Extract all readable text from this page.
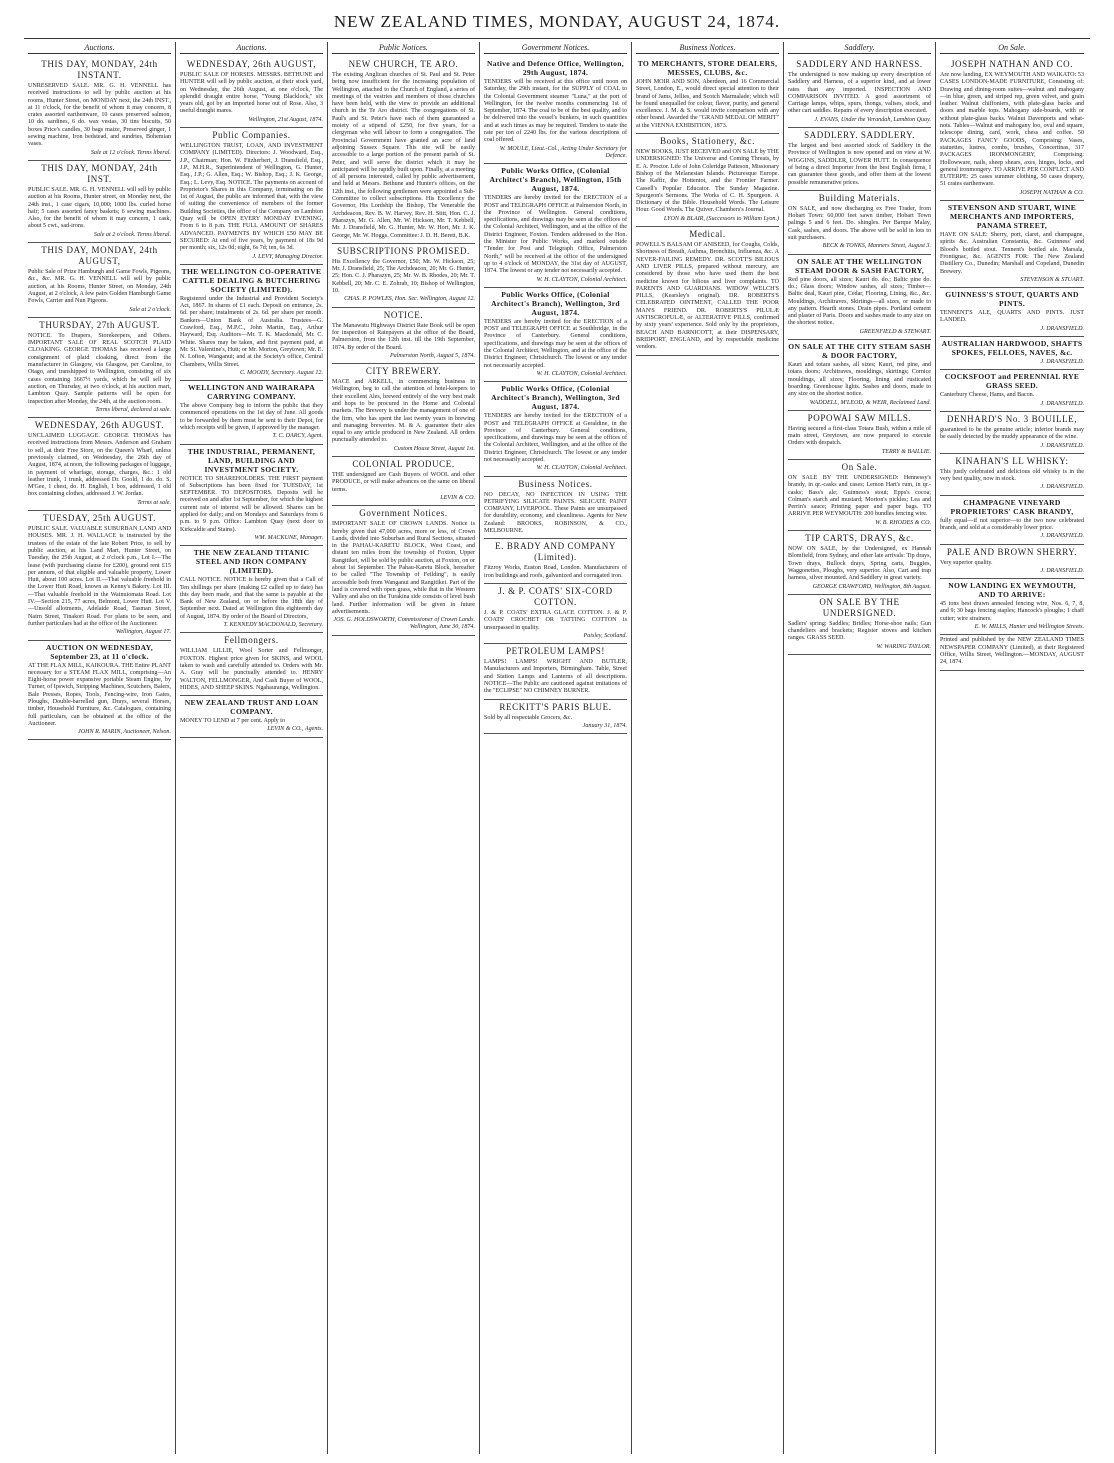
NEW ZEALAND TIMES, MONDAY, AUGUST 24, 1874.
Auctions.
THIS DAY, MONDAY, 24th INSTANT.
UNRESERVED SALE. MR. G. H. VENNELL has received instructions to sell by public auction at his rooms, Hunter Street, on MONDAY next, the 24th INST., at 11 o'clock, for the benefit of whom it may concern, 8 crates assorted earthenware, 10 cases preserved salmon, 10 do. sardines, 6 do. wax vestas, 30 tins biscuits, 50 boxes Price's candles, 30 bags maize, Preserved ginger, 1 sewing machine, Iron bedstead, and sundries, Bohemian vases.
Sale at 12 o'clock. Terms liberal.
THIS DAY, MONDAY, 24th INST.
PUBLIC SALE. MR. G. H. VENNELL will sell by public auction at his Rooms, Hunter street, on Monday next, the 24th inst., 1 case cigars, 10,000; 1000 lbs. curled horse hair; 5 cases assorted fancy baskets; 6 sewing machines. Also, for the benefit of whom it may concern, 1 cask, about 5 cwt., sad-irons.
Sale at 2 o'clock. Terms liberal.
THIS DAY, MONDAY, 24th AUGUST,
Public Sale of Prize Hamburgh and Game Fowls, Pigeons, &c., &c. MR. G. H. VENNELL will sell by public auction, at his Rooms, Hunter Street, on Monday, 24th August, at 2 o'clock, A few pairs Golden Hamburgh Game Fowls, Carrier and Nun Pigeons.
Sale at 2 o'clock.
THURSDAY, 27th AUGUST.
NOTICE. To Drapers, Storekeepers, and Others. IMPORTANT SALE OF REAL SCOTCH PLAID CLOAKING. GEORGE THOMAS has received a large consignment of plaid cloaking, direct from the manufacturer in Glasgow, via Glasgow, per Caroline, to Otago, and transhipped to Wellington, consisting of six cases containing 3667½ yards, which he will sell by auction, on Thursday, at two o'clock, at his auction mart, Lambton Quay. Sample patterns will be open for inspection after Monday, the 24th, at the auction room.
Terms liberal, declared at sale.
WEDNESDAY, 26th AUGUST.
UNCLAIMED LUGGAGE. GEORGE THOMAS has received instructions from Messrs. Anderson and Graham to sell, at their Free Store, on the Queen's Wharf, unless previously claimed, on Wednesday, the 26th day of August, 1874, at noon, the following packages of luggage, in payment of wharfage, storage, charges, &c.: 1 old leather trunk, 1 trunk, addressed Dr. Goold, 1 do. do. S. M'Gee, 1 chest, do. H. English, 1 box, addressed, 1 old box containing clothes, addressed J. W. Jordan.
Terms at sale.
TUESDAY, 25th AUGUST.
PUBLIC SALE. VALUABLE SUBURBAN LAND AND HOUSES. MR. J. H. WALLACE is instructed by the trustees of the estate of the late Robert Price, to sell by public auction, at his Land Mart, Hunter Street, on Tuesday, the 25th August, at 2 o'clock p.m., Lot I.—The lease (with purchasing clause for £200), ground rent £15 per annum, of that eligible and valuable property, Lower Hutt, about 100 acres. Lot II.—That valuable freehold in the Lower Hutt Road, known as Kenny's Bakery. Lot III.—That valuable freehold in the Wainuiomata Road. Lot IV.—Section 215, 77 acres, Belmont, Lower Hutt. Lot V.—Unsold allotments, Adelaide Road, Tasman Street, Nairn Street, Tinakori Road. For plans to be seen, and further particulars had at the office of the Auctioneer.
Wellington, August 17.
AUCTION ON WEDNESDAY, September 23, at 11 o'clock.
AT THE FLAX MILL, KAIKOURA. THE Entire PLANT necessary for a STEAM FLAX MILL, comprising—An Eight-horse power expansive portable Steam Engine, by Turner, of Ipswich, Stripping Machines, Scutchers, Balers, Bale Presses, Ropes, Tools, Fencing-wire, Iron Gates, Ploughs, Double-barrelled gun, Drays, several Horses, timber, Household Furniture, &c. Catalogues, containing full particulars, can be obtained at the office of the Auctioneer.
JOHN R. MARIN, Auctioneer, Nelson.
Auctions.
WEDNESDAY, 26th AUGUST,
PUBLIC SALE OF HORSES. MESSRS. BETHUNE and HUNTER will sell by public auction, at their stock yard, on Wednesday, the 26th August, at one o'clock, The splendid draught entire horse, "Young Blacklock," six years old, got by an imported horse out of Rose. Also, 3 useful draught mares.
Wellington, 21st August, 1874.
Public Companies.
WELLINGTON TRUST, LOAN, AND INVESTMENT COMPANY (LIMITED). Directors: J. Woodward, Esq., J.P., Chairman; Hon. W. Fitzherbert, J. Dransfield, Esq., J.P., M.H.R., Superintendent of Wellington, G. Hunter, Esq., J.P.; G. Allen, Esq.; W. Bishop, Esq.; J. K. George, Esq.; L. Levy, Esq. NOTICE. The payments on account of Proprietor's Shares in this Company, terminating on the 1st of August, the public are informed that, with the view of suiting the convenience of members of the former Building Societies, the office of the Company on Lambton Quay will be OPEN EVERY MONDAY EVENING, From 6 to 8 p.m. THE FULL AMOUNT OF SHARES ADVANCED. PAYMENTS BY WHICH £50 MAY BE SECURED: At end of five years, by payment of 18s 9d per month; six, 12s 0d; eight, 6s 7d; ten, 6s 3d.
J. LEVY, Managing Director.
THE WELLINGTON CO-OPERATIVE CATTLE DEALING & BUTCHERING SOCIETY (LIMITED).
Registered under the Industrial and Provident Society's Act, 1867. In shares of £1 each. Deposit on entrance, 2s. 6d. per share; instalments of 2s. 6d. per share per month. Bankers—Union Bank of Australia. Trustees—G. Crawford, Esq., M.P.C., John Martin, Esq., Arthur Hayward, Esq. Auditors—Mr. T. K. Macdonald, Mr. C. White. Shares may be taken, and first payment paid, at Mr. St. Valentine's, Hutt; or Mr. Morton, Greytown; Mr. E. N. Lofton, Wanganui; and at the Society's office, Central Chambers, Willis Street.
C. MOODY, Secretary. August 12.
WELLINGTON AND WAIRARAPA CARRYING COMPANY.
The above Company beg to inform the public that they commenced operations on the 1st day of June. All goods to be forwarded by them must be sent to their Depot, for which receipts will be given, if approved by the manager.
T. C. DARCY, Agent.
THE INDUSTRIAL, PERMANENT, LAND, BUILDING AND INVESTMENT SOCIETY.
NOTICE TO SHAREHOLDERS. THE FIRST payment of Subscriptions has been fixed for TUESDAY, 1st SEPTEMBER. TO DEPOSITORS. Deposits will be received on and after 1st September, for which the highest current rate of interest will be allowed. Shares can be applied for daily; and on Mondays and Saturdays from 6 p.m. to 9 p.m. Office: Lambton Quay (next door to Kirkcaldie and Stains).
WM. MACKUNE, Manager.
THE NEW ZEALAND TITANIC STEEL AND IRON COMPANY (LIMITED).
CALL NOTICE. NOTICE is hereby given that a Call of Ten shillings per share (making £2 called up to date) has this day been made, and that the same is payable at the Bank of New Zealand, on or before the 18th day of September next. Dated at Wellington this eighteenth day of August, 1874. By order of the Board of Directors,
T. KENNEDY MACDONALD, Secretary.
Fellmongers.
WILLIAM LILLIE, Wool Sorter and Fellmonger, FOXTON. Highest price given for SKINS, and WOOL taken to wash and carefully attended to. Orders with Mr. A. Gray will be punctually attended to. HENRY WALTON, FELLMONGER, And Cash Buyer of WOOL, HIDES, AND SHEEP SKINS. Ngahauranga, Wellington.
NEW ZEALAND TRUST AND LOAN COMPANY.
MONEY TO LEND at 7 per cent. Apply to
LEVIN & CO., Agents.
Public Notices.
NEW CHURCH, TE ARO.
The existing Anglican churches of St. Paul and St. Peter being now insufficient for the increasing population of Wellington, attached to the Church of England, a series of meetings of the vestries and members of those churches have been held, with the view to provide an additional church in the Te Aro district. The congregations of St. Paul's and St. Peter's have each of them guaranteed a moiety of a stipend of £250, for five years, for a clergyman who will labour to form a congregation. The Provincial Government have granted an acre of land adjoining Sussex Square. This site will be easily accessible to a large portion of the present parish of St. Peter, and will serve the district which it may be anticipated will be rapidly built upon. Finally, at a meeting of all persons interested, called by public advertisement, and held at Messrs. Bethune and Hunter's offices, on the 12th inst., the following gentlemen were appointed a Sub-Committee to collect subscriptions. His Excellency the Governor, His Lordship the Bishop, The Venerable the Archdeacon, Rev. B. W. Harvey, Rev. H. Stitt, Hon. C. J. Pharazyn, Mr. G. Allen, Mr. W. Hickson, Mr. T. Kebbell, Mr. J. Dransfield, Mr. G. Hunter, Mr. W. Hort, Mr. J. K. George, Mr. W. Hoggs. Committee: J. D. H. Berett, B.K.
SUBSCRIPTIONS PROMISED.
His Excellency the Governor, £50; Mr. W. Hickson, 25; Mr. J. Dransfield, 25; The Archdeacon, 20; Mr. G. Hunter, 25; Hon. C. J. Pharazyn, 25; Mr. W. B. Rhodes, 20; Mr. T. Kebbell, 20; Mr. C. E. Zohrab, 10; Bishop of Wellington, 10.
CHAS. P. POWLES, Hon. Sec. Wellington, August 12.
NOTICE.
The Manawatu Highways District Rate Book will be open for inspection of Ratepayers at the office of the Board, Palmerston, from the 12th inst. till the 19th September, 1874. By order of the Board.
Palmerston North, August 5, 1874.
CITY BREWERY.
MACE and ARKELL, in commencing business in Wellington, beg to call the attention of hotel-keepers to their excellent Ales, brewed entirely of the very best malt and hops to be procured in the Home and Colonial markets. The Brewery is under the management of one of the firm, who has spent the last twenty years in brewing and managing breweries. M. & A. guarantee their ales equal to any article produced in New Zealand. All orders punctually attended to.
Custom House Street, August 1st.
COLONIAL PRODUCE.
THE undersigned are Cash Buyers of WOOL and other PRODUCE, or will make advances on the same on liberal terms.
LEVIN & CO.
Government Notices.
IMPORTANT SALE OF CROWN LANDS. Notice is hereby given that 47,000 acres, more or less, of Crown Lands, divided into Suburban and Rural Sections, situated in the PAHAU-KARETU BLOCK, West Coast, and distant ten miles from the township of Foxton, Upper Rangitikei, will be sold by public auction, at Foxton, on or about 1st September. The Pahau-Karetu Block, hereafter to be called "The Township of Feilding", is easily accessible both from Wanganui and Rangitikei. Part of the land is covered with open grass, while that in the Western Valley and also on the Turakina side consists of level bush land. Further information will be given in future advertisements.
JOS. G. HOLDSWORTH, Commissioner of Crown Lands. Wellington, June 30, 1874.
Government Notices.
Native and Defence Office, Wellington, 29th August, 1874.
TENDERS will be received at this office until noon on Saturday, the 29th instant, for the SUPPLY of COAL to the Colonial Government steamer "Luna," at the port of Wellington, for the twelve months commencing 1st of September, 1874. The coal to be of the best quality, and to be delivered into the vessel's bunkers, in such quantities and at such times as may be required. Tenders to state the rate per ton of 2240 lbs. for the various descriptions of coal offered.
W. MOULE, Lieut.-Col., Acting Under Secretary for Defence.
Public Works Office, (Colonial Architect's Branch), Wellington, 15th August, 1874.
TENDERS are hereby invited for the ERECTION of a POST and TELEGRAPH OFFICE at Palmerston North, in the Province of Wellington. General conditions, specifications, and drawings may be seen at the offices of the Colonial Architect, Wellington, and at the office of the District Engineer, Foxton. Tenders addressed to the Hon. the Minister for Public Works, and marked outside "Tender for Post and Telegraph Office, Palmerston North," will be received at the office of the undersigned up to 4 o'clock of MONDAY, the 31st day of AUGUST, 1874. The lowest or any tender not necessarily accepted.
W. H. CLAYTON, Colonial Architect.
Public Works Office, (Colonial Architect's Branch), Wellington, 3rd August, 1874.
TENDERS are hereby invited for the ERECTION of a POST and TELEGRAPH OFFICE at Southbridge, in the Province of Canterbury. General conditions, specifications, and drawings may be seen at the offices of the Colonial Architect, Wellington, and at the office of the District Engineer, Christchurch. The lowest or any tender not necessarily accepted.
W. H. CLAYTON, Colonial Architect.
Public Works Office, (Colonial Architect's Branch), Wellington, 3rd August, 1874.
TENDERS are hereby invited for the ERECTION of a POST and TELEGRAPH OFFICE at Geraldine, in the Province of Canterbury. General conditions, specifications, and drawings may be seen at the offices of the Colonial Architect, Wellington, and at the office of the District Engineer, Christchurch. The lowest or any tender not necessarily accepted.
W. H. CLAYTON, Colonial Architect.
Business Notices.
NO DECAY, NO INFECTION IN USING THE PETRIFYING SILICATE PAINTS. SILICATE PAINT COMPANY, LIVERPOOL. These Paints are unsurpassed for durability, economy, and cleanliness. Agents for New Zealand: BROOKS, ROBINSON, & CO., MELBOURNE.
E. BRADY AND COMPANY (Limited).
Fitzroy Works, Euston Road, London. Manufacturers of iron buildings and roofs, galvanized and corrugated iron.
J. & P. COATS' SIX-CORD COTTON.
J. & P. COATS' EXTRA GLACE COTTON. J. & P. COATS' CROCHET OR TATTING COTTON is unsurpassed in quality.
Paisley, Scotland.
PETROLEUM LAMPS!
LAMPS! LAMPS! WRIGHT AND BUTLER, Manufacturers and Importers, Birmingham. Table, Street and Station Lamps and Lanterns of all descriptions. NOTICE—The Public are cautioned against imitations of the "ECLIPSE" NO CHIMNEY BURNER.
RECKITT'S PARIS BLUE.
Sold by all respectable Grocers, &c.
January 31, 1874.
Business Notices.
TO MERCHANTS, STORE DEALERS, MESSES, CLUBS, &c.
JOHN MOIR AND SON, Aberdeen, and 16 Commercial Street, London, E., would direct special attention to their brand of Jams, Jellies, and Scotch Marmalade; which will be found unequalled for colour, flavor, purity, and general excellence. J. M. & S. would invite comparison with any other brand. Awarded the "GRAND MEDAL OF MERIT" at the VIENNA EXHIBITION, 1873.
Books, Stationery, &c.
NEW BOOKS, JUST RECEIVED and ON SALE by THE UNDERSIGNED: The Universe and Coming Threats, by E. A. Proctor. Life of John Coleridge Patteson, Missionary Bishop of the Melanesian Islands. Picturesque Europe. The Kaffir, the Hottentot, and the Frontier Farmer. Cassell's Popular Educator. The Sunday Magazine. Spurgeon's Sermons. The Works of C. H. Spurgeon. A Dictionary of the Bible. Household Words. The Leisure Hour. Good Words. The Quiver. Chambers's Journal.
LYON & BLAIR, (Successors to William Lyon.)
Medical.
POWELL'S BALSAM OF ANISEED, for Coughs, Colds, Shortness of Breath, Asthma, Bronchitis, Influenza, &c. A NEVER-FAILING REMEDY. DR. SCOTT'S BILIOUS AND LIVER PILLS, prepared without mercury, are considered by those who have used them the best medicine known for bilious and liver complaints. TO PARENTS AND GUARDIANS. WIDOW WELCH'S PILLS, (Kearsley's original). DR. ROBERTS'S CELEBRATED OINTMENT, CALLED THE POOR MAN'S FRIEND. DR. ROBERTS'S PILULÆ ANTISCROFULÆ, or ALTERATIVE PILLS, confirmed by sixty years' experience. Sold only by the proprietors, BEACH AND BARNICOTT, at their DISPENSARY, BRIDPORT, ENGLAND, and by respectable medicine vendors.
Saddlery.
SADDLERY AND HARNESS.
The undersigned is now making up every description of Saddlery and Harness, of a superior kind, and at lower rates than any imported. INSPECTION AND COMPARISON INVITED. A good assortment of Carriage lamps, whips, spurs, thongs, valises, stock, and other cart saddles. Repairs of every description executed.
J. EVANS, Under the Verandah, Lambton Quay.
SADDLERY. SADDLERY.
The largest and best assorted stock of Saddlery in the Province of Wellington is now opened and on view at W. WIGGINS, SADDLER, LOWER HUTT. In consequence of being a direct Importer from the best English firms, I can guarantee these goods, and offer them at the lowest possible remunerative prices.
Building Materials.
ON SALE, and now discharging ex Free Trader, from Hobart Town: 60,000 feet sawn timber, Hobart Town palings 5 and 6 feet. Do. shingles. Per Barque Malay, Cask, sashes, and doors. The above will be sold in lots to suit purchasers.
BECK & TONKS, Manners Street, August 3.
ON SALE AT THE WELLINGTON STEAM DOOR & SASH FACTORY,
Red pine doors, all sizes; Kauri do. do.; Baltic pine do. do.; Glass doors; Window sashes, all sizes; Timber—Baltic deal, Kauri pine, Cedar, Flooring, Lining, &c., &c. Mouldings, Architraves, Skirtings—all sizes, or made to any pattern. Hearth stones. Drain pipes. Portland cement and plaster of Paris. Doors and sashes made to any size on the shortest notice.
GREENFIELD & STEWART.
ON SALE AT THE CITY STEAM SASH & DOOR FACTORY,
Kauri and totara sashes, all sizes; Kauri, red pine, and totara doors; Architraves, mouldings, skirtings; Cornice mouldings, all sizes; Flooring, lining and rusticated boarding. Greenhouse lights. Sashes and doors, made to any size on the shortest notice.
WADDELL, M'LEOD, & WEIR, Reclaimed Land.
POPOWAI SAW MILLS.
Having secured a first-class Totara Bush, within a mile of main street, Greytown, are now prepared to execute Orders with despatch.
TERRY & BAILLIE.
On Sale.
ON SALE BY THE UNDERSIGNED: Hennessy's brandy, in qr.-casks and cases; Lemon Hart's rum, in qr.-casks; Bass's ale; Guinness's stout; Epps's cocoa; Colman's starch and mustard; Morton's pickles; Lea and Perrin's sauce; Printing paper and paper bags. TO ARRIVE PER WEYMOUTH: 200 bundles fencing wire.
W. B. RHODES & CO.
TIP CARTS, DRAYS, &c.
NOW ON SALE, by the Undersigned, ex Hannah Blomfield, from Sydney, and other late arrivals: Tip drays, Town drays, Bullock drays, Spring carts, Buggies, Waggonettes, Ploughs, very superior. Also, Cart and trap harness, silver mounted. And Saddlery in great variety.
GEORGE CRAWFORD, Wellington, 8th August.
ON SALE BY THE UNDERSIGNED.
Sadlers' spring; Saddles; Bridles; Horse-shoe nails; Gun chandeliers and brackets; Register stoves and kitchen ranges. GRASS SEED.
W. WARING TAYLOR.
On Sale.
JOSEPH NATHAN AND CO.
Are now landing, EX WEYMOUTH AND WAIKATO: 53 CASES LONDON-MADE FURNITURE, Consisting of: Drawing and dining-room suites—walnut and mahogany—in blue, green, and striped rep, green velvet, and grain leather. Walnut chiffoniers, with plate-glass backs and doors and marble tops. Mahogany side-boards, with or without plate-glass backs. Walnut Davenports and what-nots. Tables—Walnut and mahogany loo, oval and square, telescope dining, card, work, chess and coffee. 50 PACKAGES FANCY GOODS, Comprising: Vases, statuettes, lustres, combs, brushes, Concertinas, 317 PACKAGES IRONMONGERY, Comprising: Hollowware, nails, sheep shears, axes, hinges, locks, and general ironmongery. TO ARRIVE PER CONFLICT AND EUTERPE: 25 cases summer clothing, 50 cases drapery, 51 crates earthenware.
JOSEPH NATHAN & CO.
STEVENSON AND STUART, WINE MERCHANTS AND IMPORTERS, PANAMA STREET,
HAVE ON SALE: Sherry, port, claret, and champagne, spirits &c. Australian Constantia, &c. Guinness' and Blood's bottled stout. Tennent's bottled ale. Marsala, Frontignac, &c. AGENTS FOR: The New Zealand Distillery Co., Dunedin; Marshall and Copeland, Dunedin Brewery.
STEVENSON & STUART.
GUINNESS'S STOUT, QUARTS AND PINTS.
TENNENT'S ALE, QUARTS AND PINTS. JUST LANDED.
J. DRANSFIELD.
AUSTRALIAN HARDWOOD, SHAFTS SPOKES, FELLOES, NAVES, &c.
J. DRANSFIELD.
COCKSFOOT and PERENNIAL RYE GRASS SEED.
Canterbury Cheese, Hams, and Bacon.
J. DRANSFIELD.
DENHARD'S No. 3 BOUILLE,
guaranteed to be the genuine article; inferior brands may be easily detected by the muddy appearance of the wine.
J. DRANSFIELD.
KINAHAN'S LL WHISKY:
This justly celebrated and delicious old whisky is in the very best quality, now in stock.
J. DRANSFIELD.
CHAMPAGNE VINEYARD PROPRIETORS' CASK BRANDY,
fully equal—if not superior—to the two now celebrated brands, and sold at a considerably lower price.
J. DRANSFIELD.
PALE AND BROWN SHERRY.
Very superior quality.
J. DRANSFIELD.
NOW LANDING EX WEYMOUTH, AND TO ARRIVE:
45 tons best drawn annealed fencing wire, Nos. 6, 7, 8, and 9; 30 bags fencing staples; Hancock's ploughs; 1 chaff cutter; wire strainers.
E. W. MILLS, Hunter and Wellington Streets.
Printed and published by the NEW ZEALAND TIMES NEWSPAPER COMPANY (Limited), at their Registered Office, Willis Street, Wellington.—MONDAY, AUGUST 24, 1874.
